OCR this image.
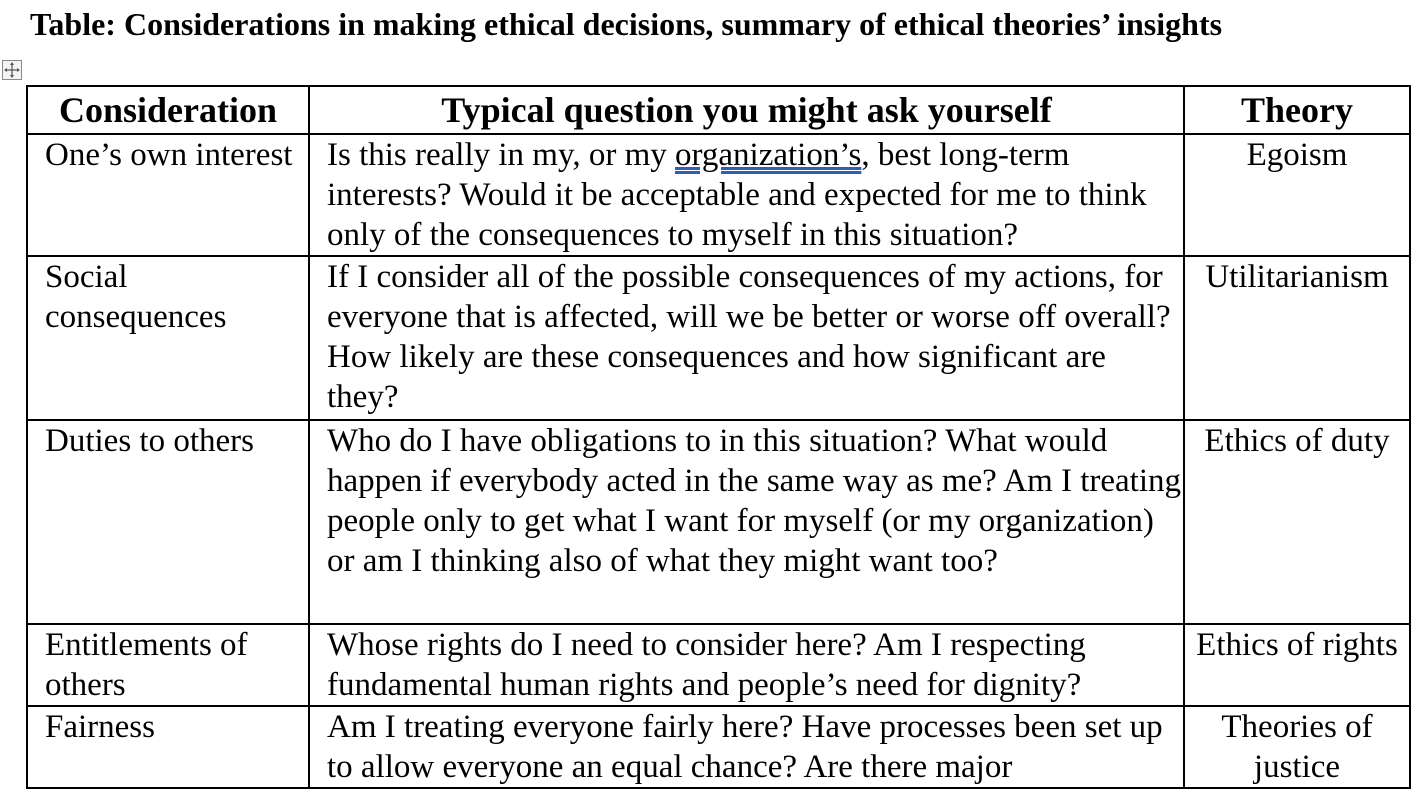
Table: Considerations in making ethical decisions, summary of ethical theories’ insights
Consideration	Typical question you might ask yourself	Theory
One’s own interest	Is this really in my, or my organization’s, best long-term interests? Would it be acceptable and expected for me to think only of the consequences to myself in this situation?	Egoism
Social consequences	If I consider all of the possible consequences of my actions, for everyone that is affected, will we be better or worse off overall? How likely are these consequences and how significant are they?	Utilitarianism
Duties to others	Who do I have obligations to in this situation? What would happen if everybody acted in the same way as me? Am I treating people only to get what I want for myself (or my organization) or am I thinking also of what they might want too?	Ethics of duty
Entitlements of others	Whose rights do I need to consider here? Am I respecting fundamental human rights and people’s need for dignity?	Ethics of rights
Fairness	Am I treating everyone fairly here? Have processes been set up to allow everyone an equal chance? Are there major	Theories of justice
